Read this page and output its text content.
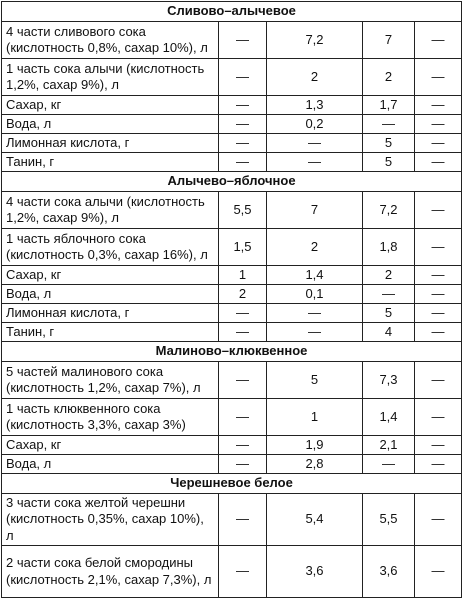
Сливово–алычевое				
4 части сливового сока (кислотность 0,8%, сахар 10%), л	—	7,2	7	—
1 часть сока алычи (кислотность 1,2%, сахар 9%), л	—	2	2	—
Сахар, кг	—	1,3	1,7	—
Вода, л	—	0,2	—	—
Лимонная кислота, г	—	—	5	—
Танин, г	—	—	5	—
Алычево–яблочное				
4 части сока алычи (кислотность 1,2%, сахар 9%), л	5,5	7	7,2	—
1 часть яблочного сока (кислотность 0,3%, сахар 16%), л	1,5	2	1,8	—
Сахар, кг	1	1,4	2	—
Вода, л	2	0,1	—	—
Лимонная кислота, г	—	—	5	—
Танин, г	—	—	4	—
Малиново–клюквенное				
5 частей малинового сока (кислотность 1,2%, сахар 7%), л	—	5	7,3	—
1 часть клюквенного сока (кислотность 3,3%, сахар 3%)	—	1	1,4	—
Сахар, кг	—	1,9	2,1	—
Вода, л	—	2,8	—	—
Черешневое белое				
3 части сока желтой черешни (кислотность 0,35%, сахар 10%), л	—	5,4	5,5	—
2 части сока белой смородины (кислотность 2,1%, сахар 7,3%), л	—	3,6	3,6	—
